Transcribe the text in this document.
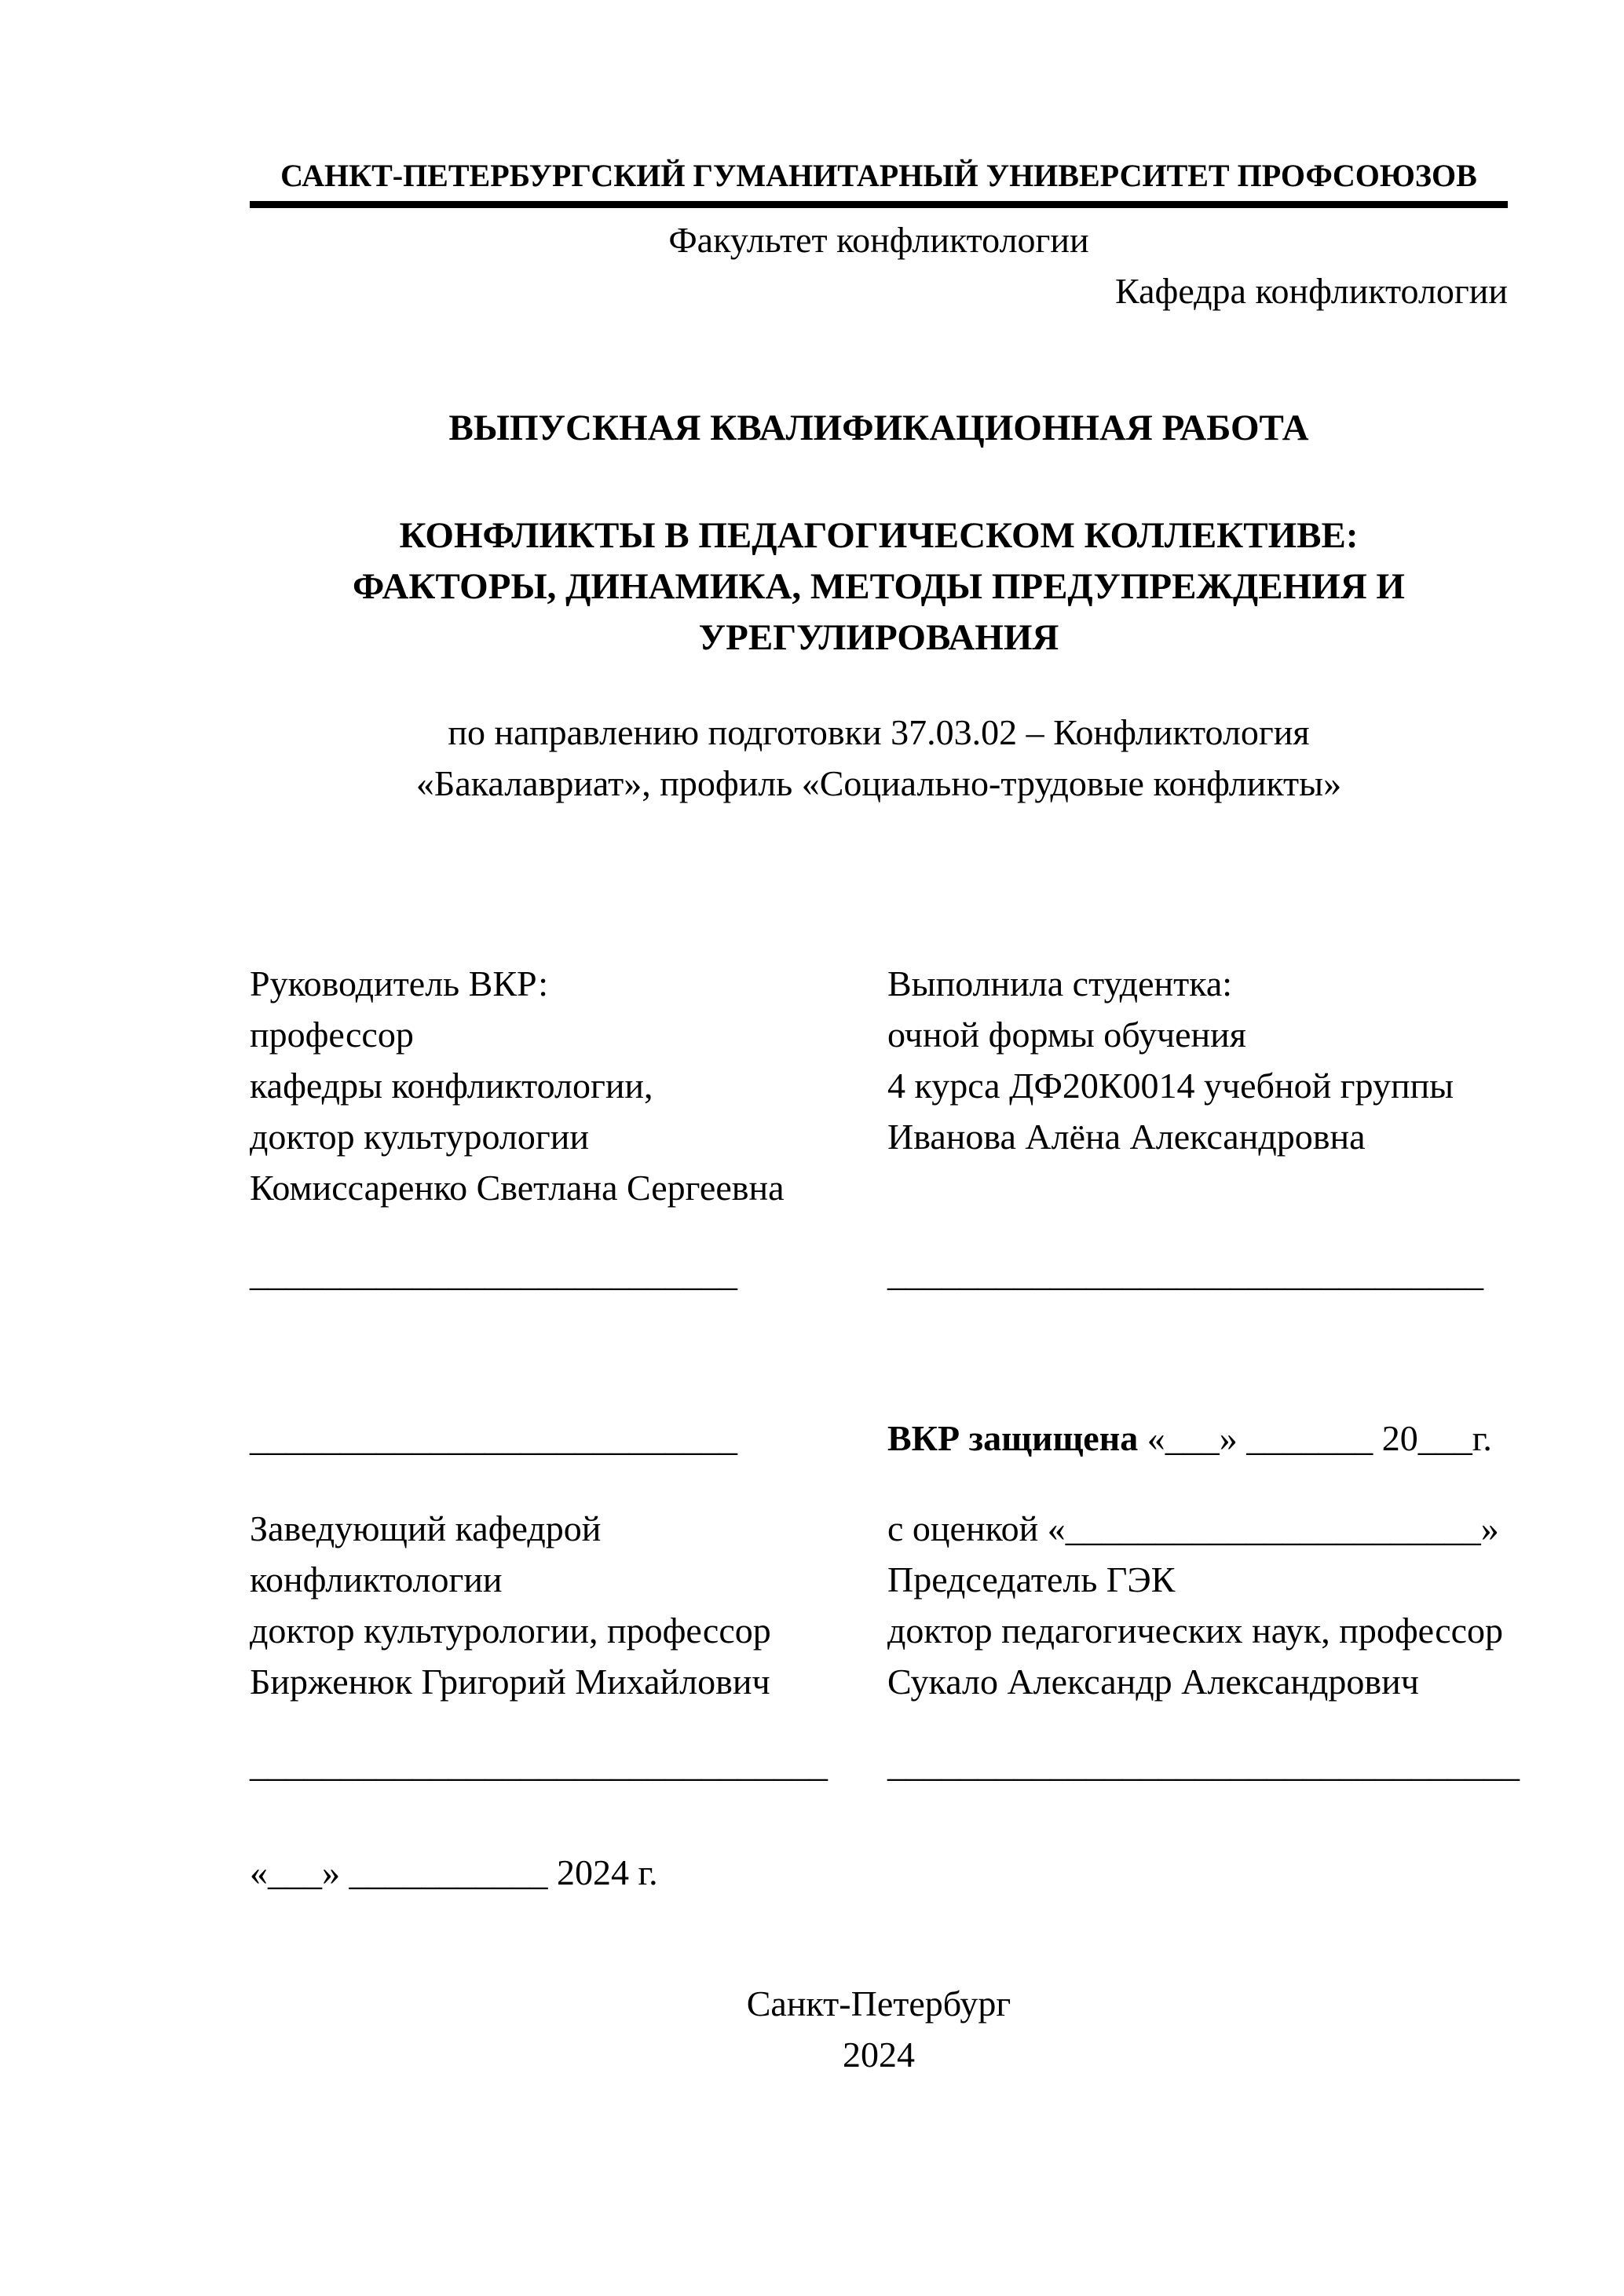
САНКТ-ПЕТЕРБУРГСКИЙ ГУМАНИТАРНЫЙ УНИВЕРСИТЕТ ПРОФСОЮЗОВ
Факультет конфликтологии
Кафедра конфликтологии
ВЫПУСКНАЯ КВАЛИФИКАЦИОННАЯ РАБОТА
КОНФЛИКТЫ В ПЕДАГОГИЧЕСКОМ КОЛЛЕКТИВЕ:
ФАКТОРЫ, ДИНАМИКА, МЕТОДЫ ПРЕДУПРЕЖДЕНИЯ И
УРЕГУЛИРОВАНИЯ
по направлению подготовки 37.03.02 – Конфликтология
«Бакалавриат», профиль «Социально-трудовые конфликты»
Руководитель ВКР:
профессор
кафедры конфликтологии,
доктор культурологии
Комиссаренко Светлана Сергеевна
Выполнила студентка:
очной формы обучения
4 курса ДФ20К0014 учебной группы
Иванова Алёна Александровна
___________________________	_________________________________
___________________________	ВКР защищена «___» _______ 20___г.
Заведующий кафедрой
конфликтологии
доктор культурологии, профессор
Бирженюк Григорий Михайлович
с оценкой «_______________________»
Председатель ГЭК
доктор педагогических наук, профессор
Сукало Александр Александрович
________________________________	___________________________________
«___» ___________ 2024 г.
Санкт-Петербург
2024
